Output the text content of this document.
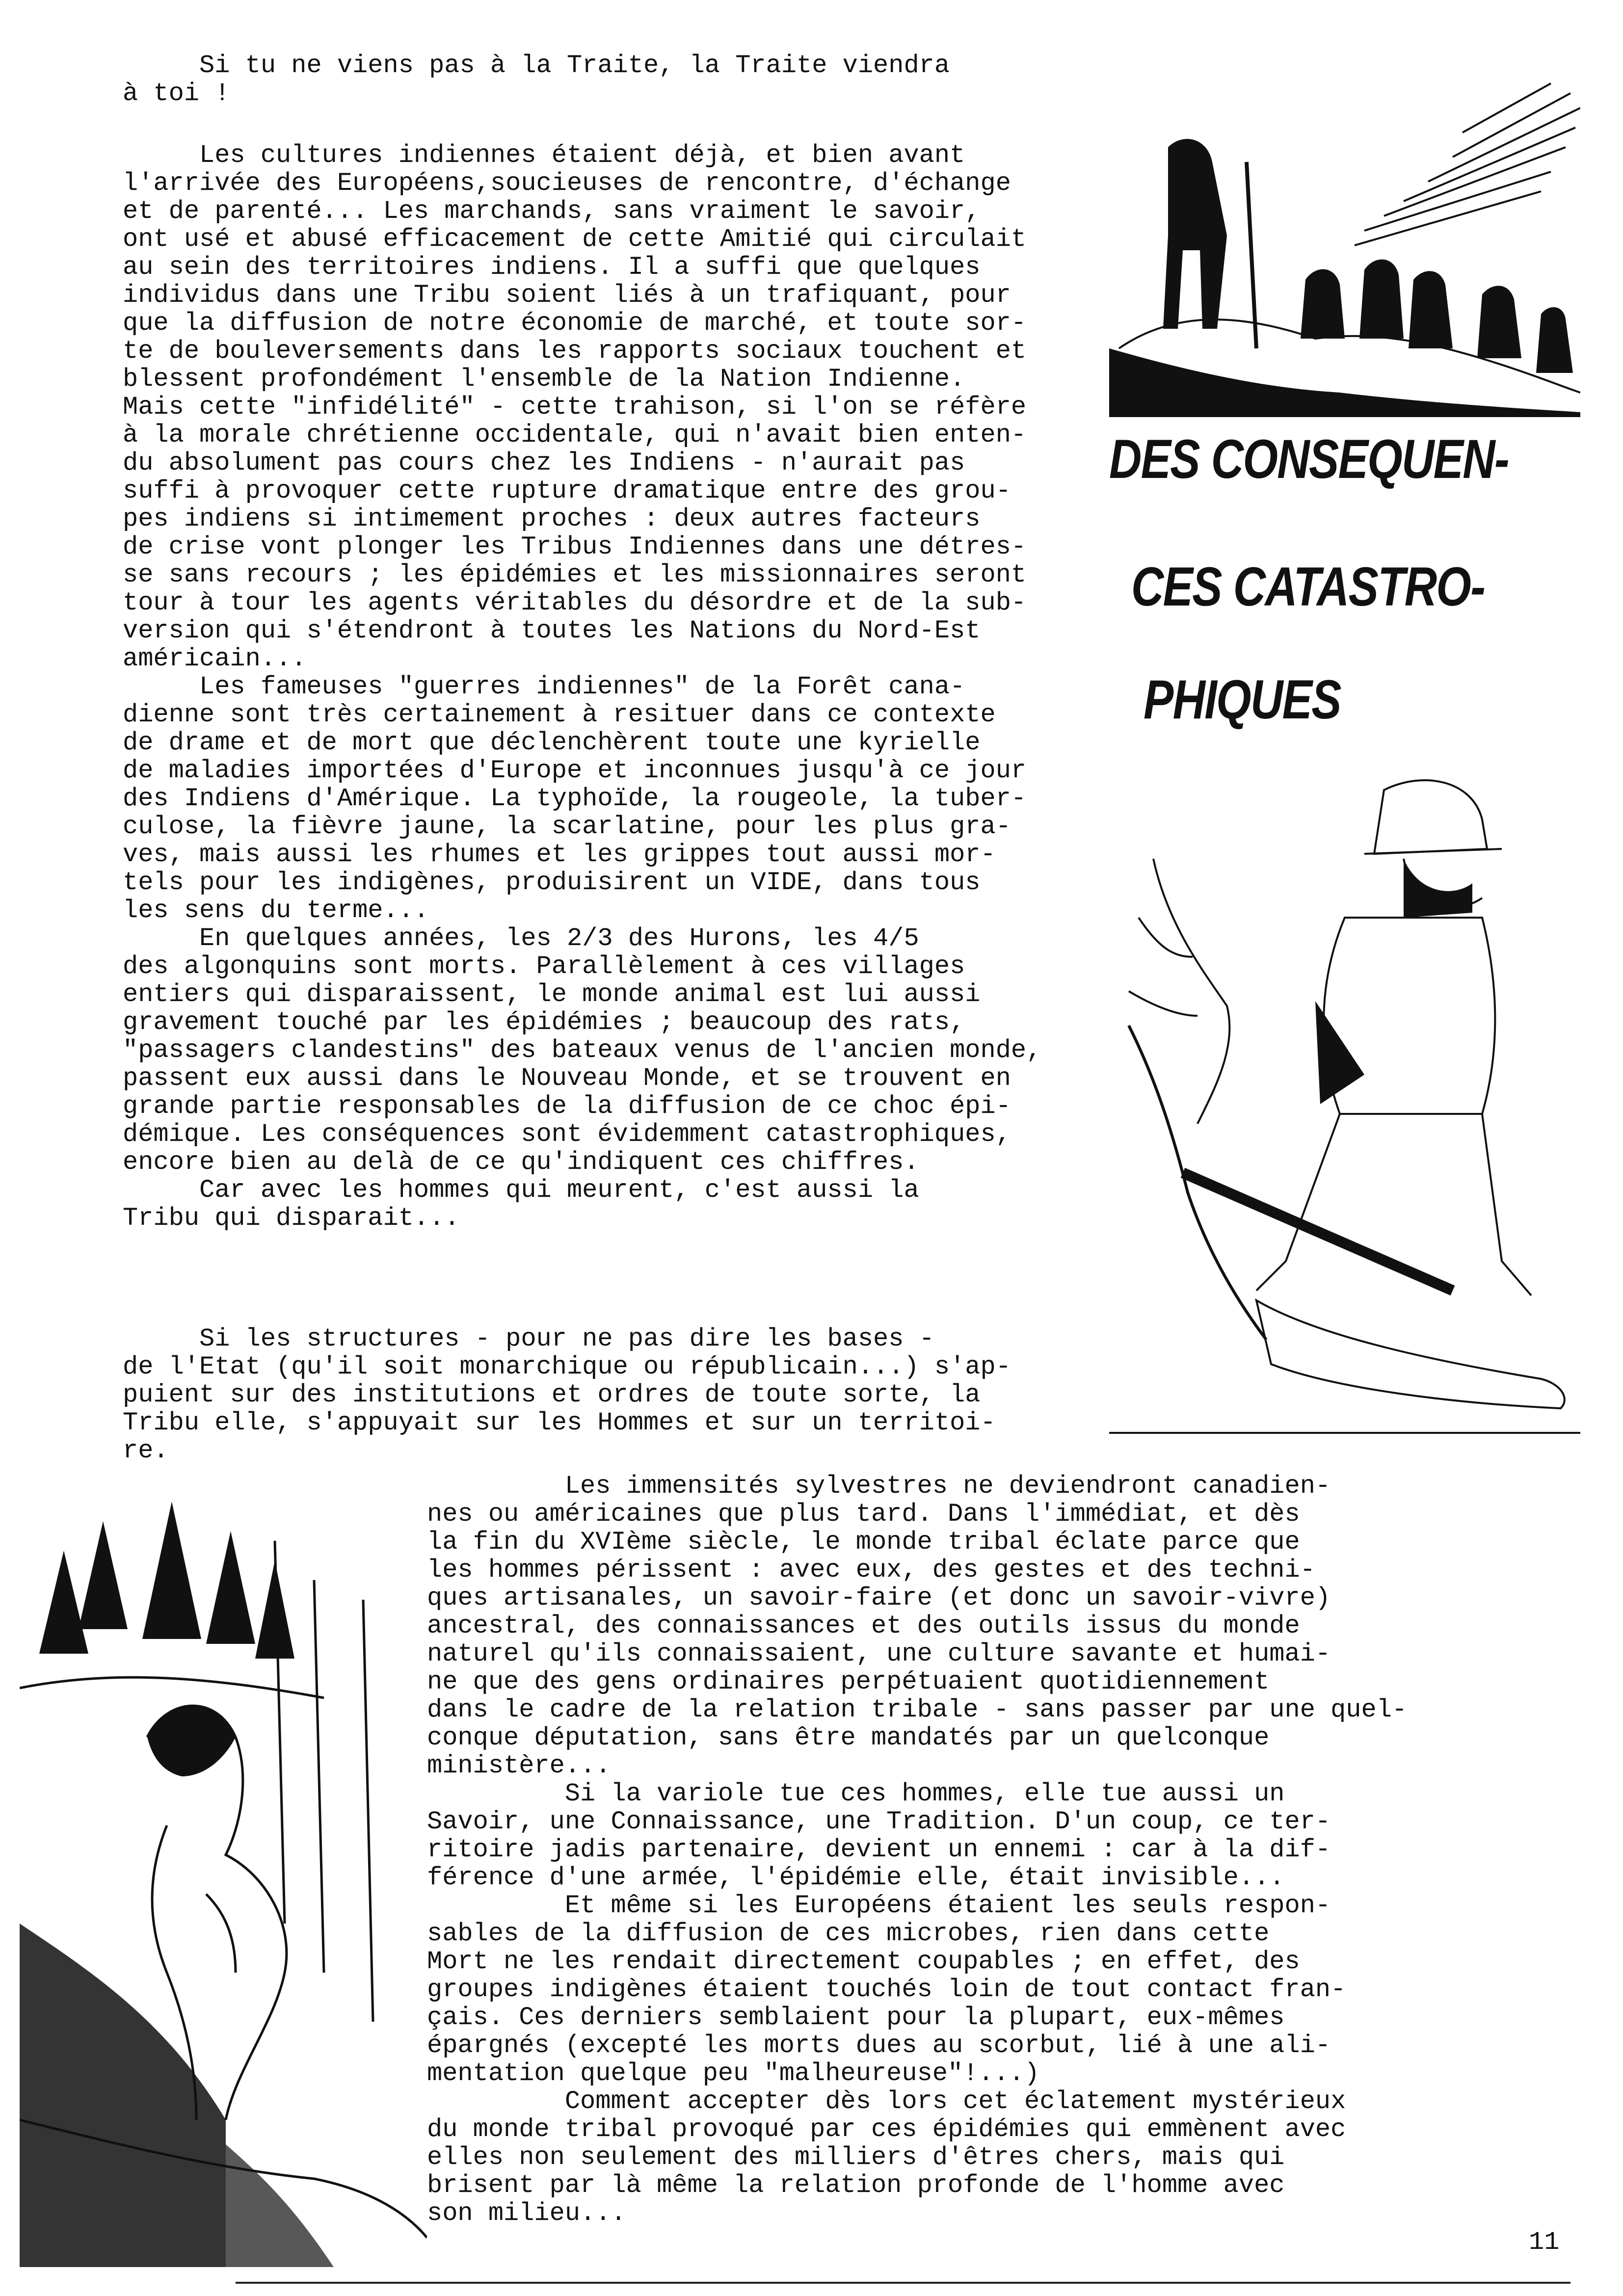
Si tu ne viens pas à la Traite, la Traite viendra
à toi !
Les cultures indiennes étaient déjà, et bien avant
l'arrivée des Européens,soucieuses de rencontre, d'échange
et de parenté... Les marchands, sans vraiment le savoir,
ont usé et abusé efficacement de cette Amitié qui circulait
au sein des territoires indiens. Il a suffi que quelques
individus dans une Tribu soient liés à un trafiquant, pour
que la diffusion de notre économie de marché, et toute sor-
te de bouleversements dans les rapports sociaux touchent et
blessent profondément l'ensemble de la Nation Indienne.
Mais cette "infidélité" - cette trahison, si l'on se réfère
à la morale chrétienne occidentale, qui n'avait bien enten-
du absolument pas cours chez les Indiens - n'aurait pas
suffi à provoquer cette rupture dramatique entre des grou-
pes indiens si intimement proches : deux autres facteurs
de crise vont plonger les Tribus Indiennes dans une détres-
se sans recours ; les épidémies et les missionnaires seront
tour à tour les agents véritables du désordre et de la sub-
version qui s'étendront à toutes les Nations du Nord-Est
américain...
Les fameuses "guerres indiennes" de la Forêt cana-
dienne sont très certainement à resituer dans ce contexte
de drame et de mort que déclenchèrent toute une kyrielle
de maladies importées d'Europe et inconnues jusqu'à ce jour
des Indiens d'Amérique. La typhoïde, la rougeole, la tuber-
culose, la fièvre jaune, la scarlatine, pour les plus gra-
ves, mais aussi les rhumes et les grippes tout aussi mor-
tels pour les indigènes, produisirent un VIDE, dans tous
les sens du terme...
En quelques années, les 2/3 des Hurons, les 4/5
des algonquins sont morts. Parallèlement à ces villages
entiers qui disparaissent, le monde animal est lui aussi
gravement touché par les épidémies ; beaucoup des rats,
"passagers clandestins" des bateaux venus de l'ancien monde,
passent eux aussi dans le Nouveau Monde, et se trouvent en
grande partie responsables de la diffusion de ce choc épi-
démique. Les conséquences sont évidemment catastrophiques,
encore bien au delà de ce qu'indiquent ces chiffres.
Car avec les hommes qui meurent, c'est aussi la
Tribu qui disparait...
Si les structures - pour ne pas dire les bases -
de l'Etat (qu'il soit monarchique ou républicain...) s'ap-
puient sur des institutions et ordres de toute sorte, la
Tribu elle, s'appuyait sur les Hommes et sur un territoi-
re.
Les immensités sylvestres ne deviendront canadien-
nes ou américaines que plus tard. Dans l'immédiat, et dès
la fin du XVIème siècle, le monde tribal éclate parce que
les hommes périssent : avec eux, des gestes et des techni-
ques artisanales, un savoir-faire (et donc un savoir-vivre)
ancestral, des connaissances et des outils issus du monde
naturel qu'ils connaissaient, une culture savante et humai-
ne que des gens ordinaires perpétuaient quotidiennement
dans le cadre de la relation tribale - sans passer par une quel-
conque députation, sans être mandatés par un quelconque
ministère...
Si la variole tue ces hommes, elle tue aussi un
Savoir, une Connaissance, une Tradition. D'un coup, ce ter-
ritoire jadis partenaire, devient un ennemi : car à la dif-
férence d'une armée, l'épidémie elle, était invisible...
Et même si les Européens étaient les seuls respon-
sables de la diffusion de ces microbes, rien dans cette
Mort ne les rendait directement coupables ; en effet, des
groupes indigènes étaient touchés loin de tout contact fran-
çais. Ces derniers semblaient pour la plupart, eux-mêmes
épargnés (excepté les morts dues au scorbut, lié à une ali-
mentation quelque peu "malheureuse"!...)
Comment accepter dès lors cet éclatement mystérieux
du monde tribal provoqué par ces épidémies qui emmènent avec
elles non seulement des milliers d'êtres chers, mais qui
brisent par là même la relation profonde de l'homme avec
son milieu...
DES CONSEQUEN-
CES CATASTRO-
PHIQUES
11
